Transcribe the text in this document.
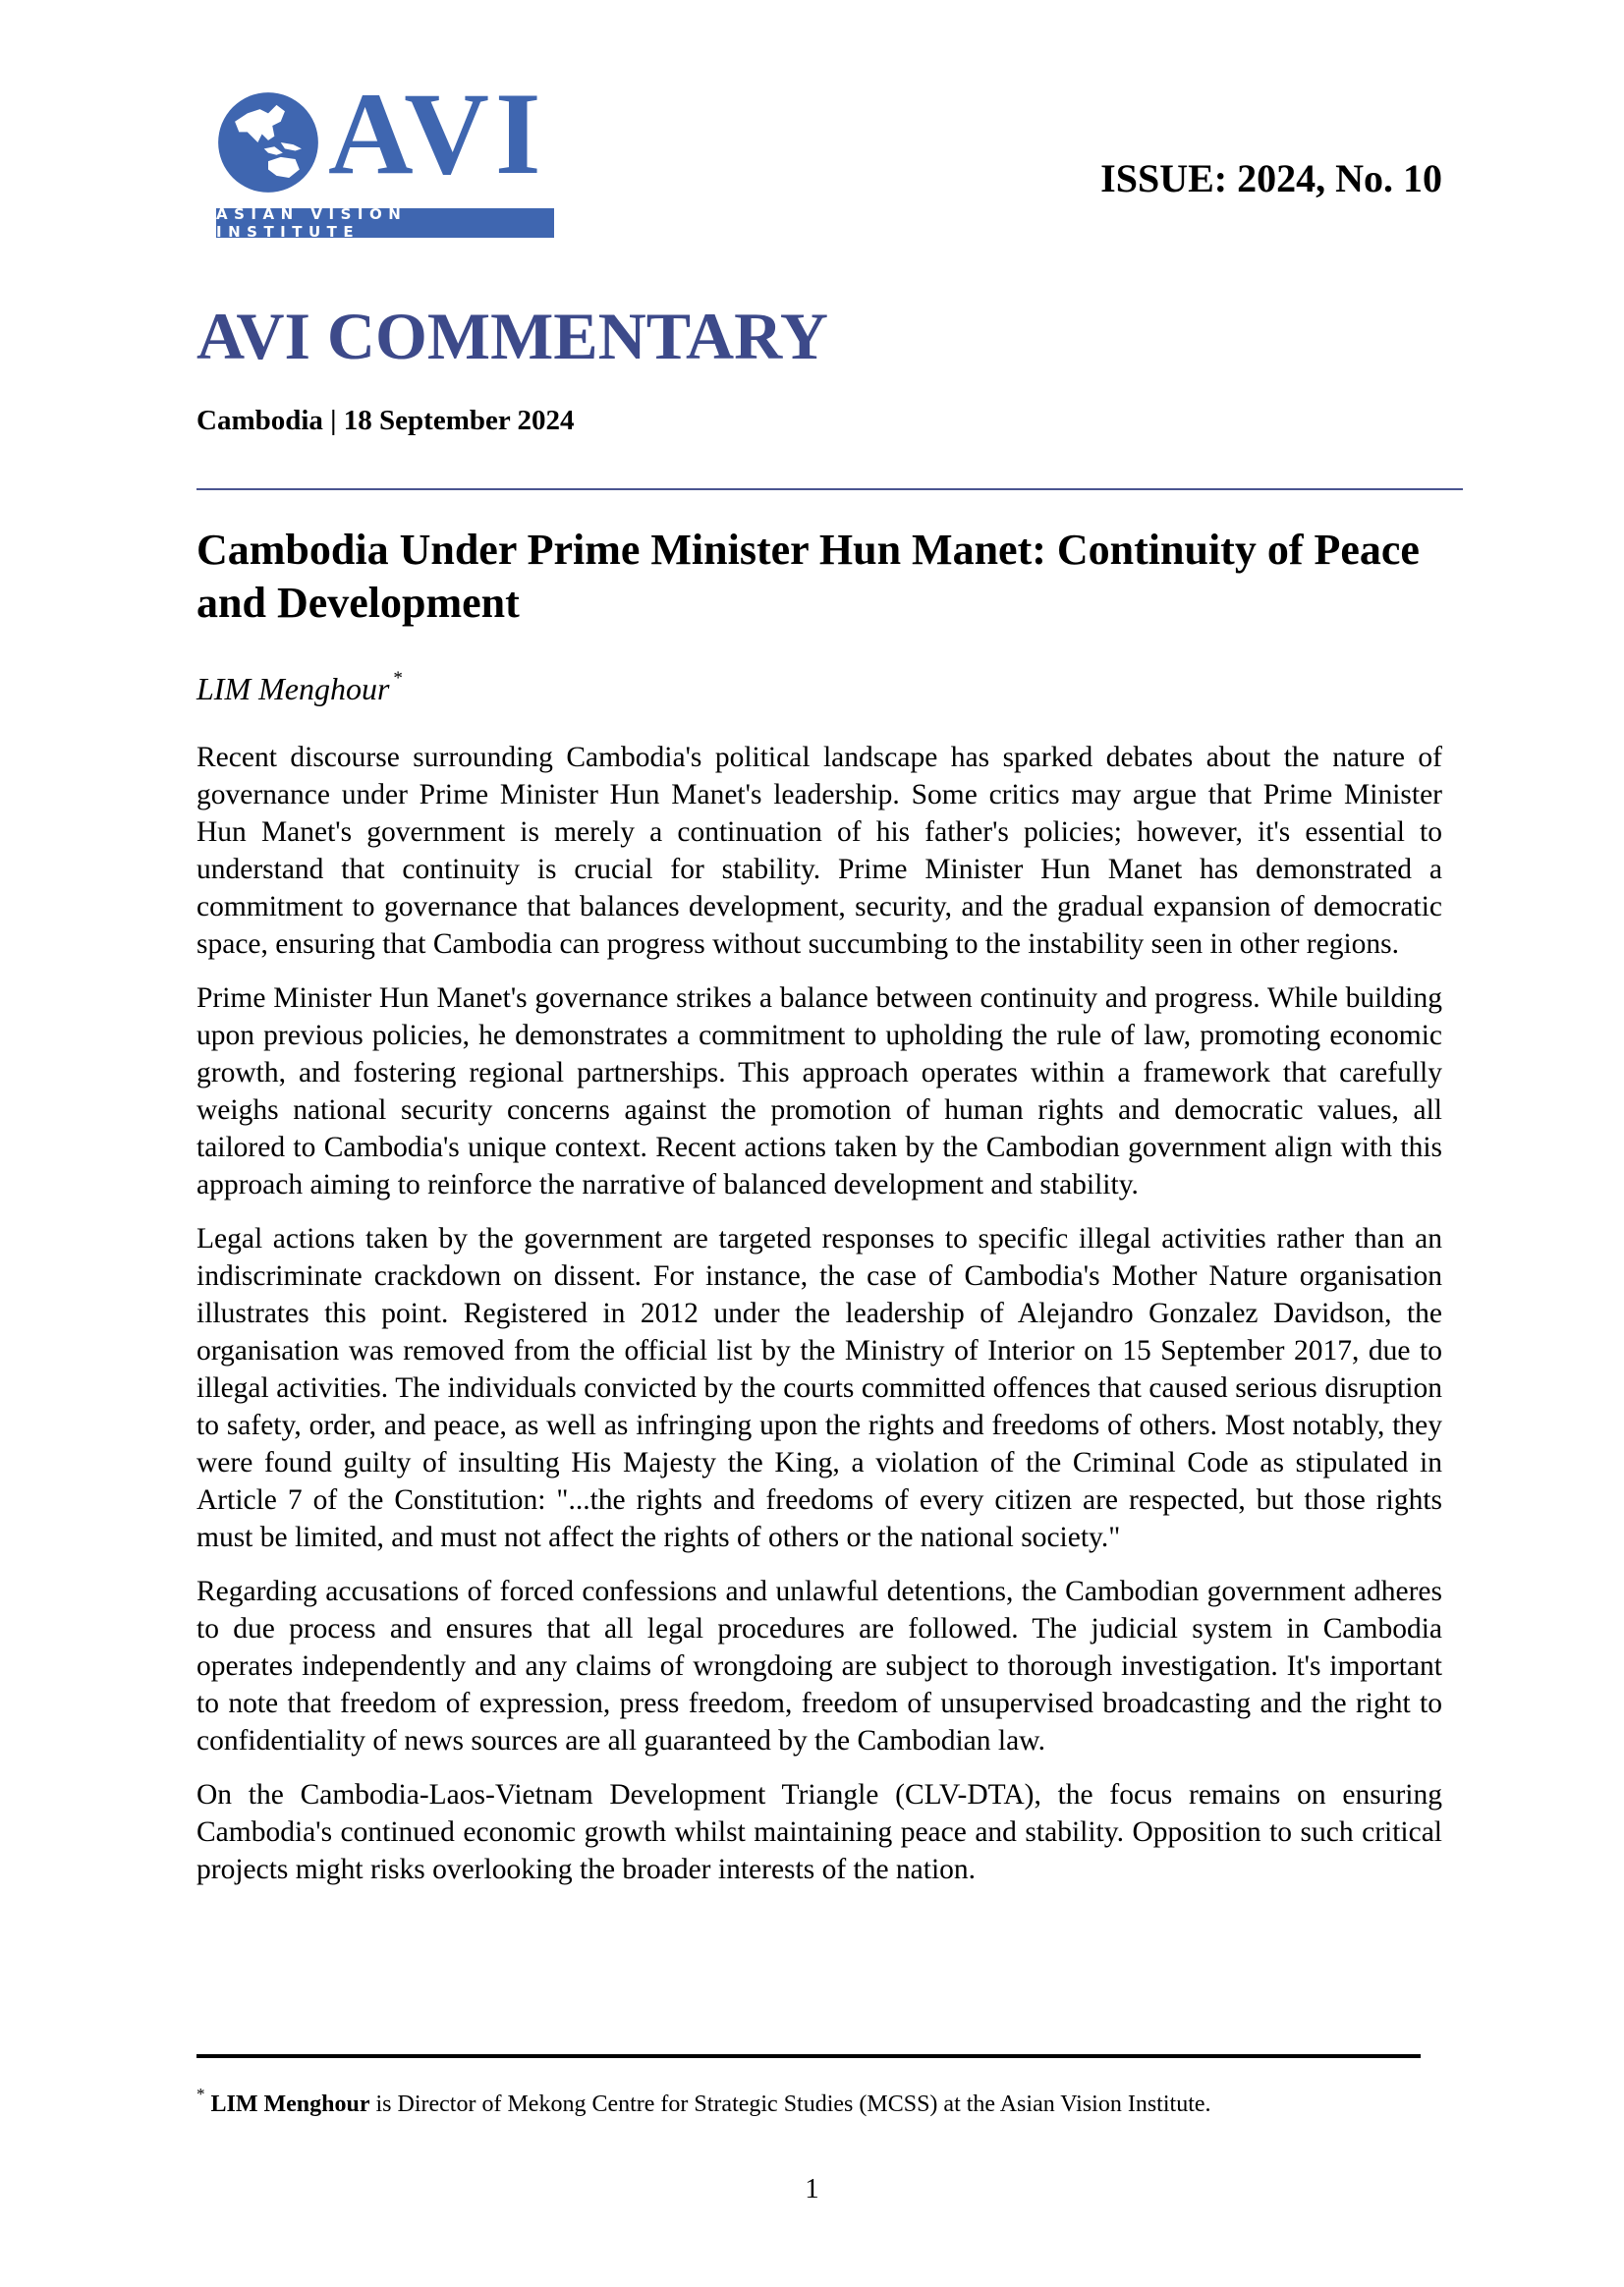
AVI
ASIAN VISION INSTITUTE
ISSUE: 2024, No. 10
AVI COMMENTARY
Cambodia | 18 September 2024
Cambodia Under Prime Minister Hun Manet: Continuity of Peace and Development
LIM Menghour *

Recent discourse surrounding Cambodia's political landscape has sparked debates about the nature of governance under Prime Minister Hun Manet's leadership. Some critics may argue that Prime Minister Hun Manet's government is merely a continuation of his father's policies; however, it's essential to understand that continuity is crucial for stability. Prime Minister Hun Manet has demonstrated a commitment to governance that balances development, security, and the gradual expansion of democratic space, ensuring that Cambodia can progress without succumbing to the instability seen in other regions.

Prime Minister Hun Manet's governance strikes a balance between continuity and progress. While building upon previous policies, he demonstrates a commitment to upholding the rule of law, promoting economic growth, and fostering regional partnerships. This approach operates within a framework that carefully weighs national security concerns against the promotion of human rights and democratic values, all tailored to Cambodia's unique context. Recent actions taken by the Cambodian government align with this approach aiming to reinforce the narrative of balanced development and stability.

Legal actions taken by the government are targeted responses to specific illegal activities rather than an indiscriminate crackdown on dissent. For instance, the case of Cambodia's Mother Nature organisation illustrates this point. Registered in 2012 under the leadership of Alejandro Gonzalez Davidson, the organisation was removed from the official list by the Ministry of Interior on 15 September 2017, due to illegal activities. The individuals convicted by the courts committed offences that caused serious disruption to safety, order, and peace, as well as infringing upon the rights and freedoms of others. Most notably, they were found guilty of insulting His Majesty the King, a violation of the Criminal Code as stipulated in Article 7 of the Constitution: "...the rights and freedoms of every citizen are respected, but those rights must be limited, and must not affect the rights of others or the national society."

Regarding accusations of forced confessions and unlawful detentions, the Cambodian government adheres to due process and ensures that all legal procedures are followed. The judicial system in Cambodia operates independently and any claims of wrongdoing are subject to thorough investigation. It's important to note that freedom of expression, press freedom, freedom of unsupervised broadcasting and the right to confidentiality of news sources are all guaranteed by the Cambodian law.

On the Cambodia-Laos-Vietnam Development Triangle (CLV-DTA), the focus remains on ensuring Cambodia's continued economic growth whilst maintaining peace and stability. Opposition to such critical projects might risks overlooking the broader interests of the nation.

* LIM Menghour is Director of Mekong Centre for Strategic Studies (MCSS) at the Asian Vision Institute.
1
